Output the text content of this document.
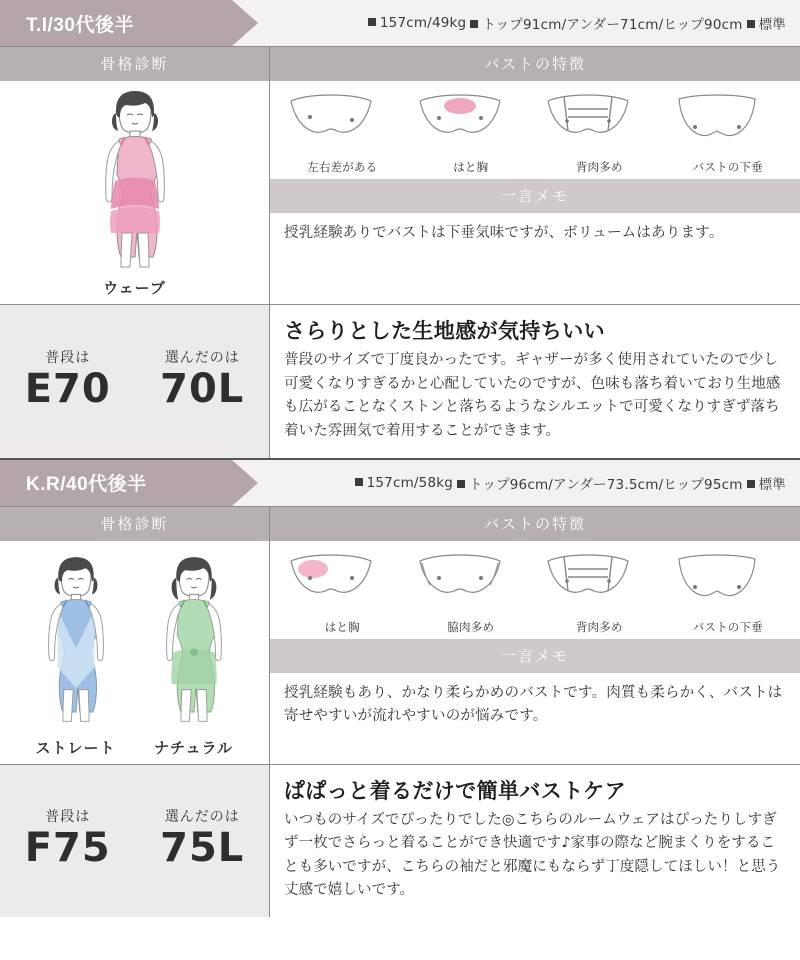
T.I/30代後半	157cm/49kg	トップ91cm/アンダー71cm/ヒップ90cm	標準
骨格診断
ウェーブ
バストの特徴
左右差がある	はと胸	背肉多め	バストの下垂
一言メモ
授乳経験ありでバストは下垂気味ですが、ボリュームはあります。
普段は
E70
選んだのは
70L
さらりとした生地感が気持ちいい
普段のサイズで丁度良かったです。ギャザーが多く使用されていたので少し可愛くなりすぎるかと心配していたのですが、色味も落ち着いており生地感も広がることなくストンと落ちるようなシルエットで可愛くなりすぎず落ち着いた雰囲気で着用することができます。
K.R/40代後半	157cm/58kg	トップ96cm/アンダー73.5cm/ヒップ95cm	標準
骨格診断
ストレート	ナチュラル
バストの特徴
はと胸	脇肉多め	背肉多め	バストの下垂
一言メモ
授乳経験もあり、かなり柔らかめのバストです。肉質も柔らかく、バストは寄せやすいが流れやすいのが悩みです。
普段は
F75
選んだのは
75L
ぱぱっと着るだけで簡単バストケア
いつものサイズでぴったりでした◎こちらのルームウェアはぴったりしすぎず一枚でさらっと着ることができ快適です♪家事の際など腕まくりをすることも多いですが、こちらの袖だと邪魔にもならず丁度隠してほしい！と思う丈感で嬉しいです。
